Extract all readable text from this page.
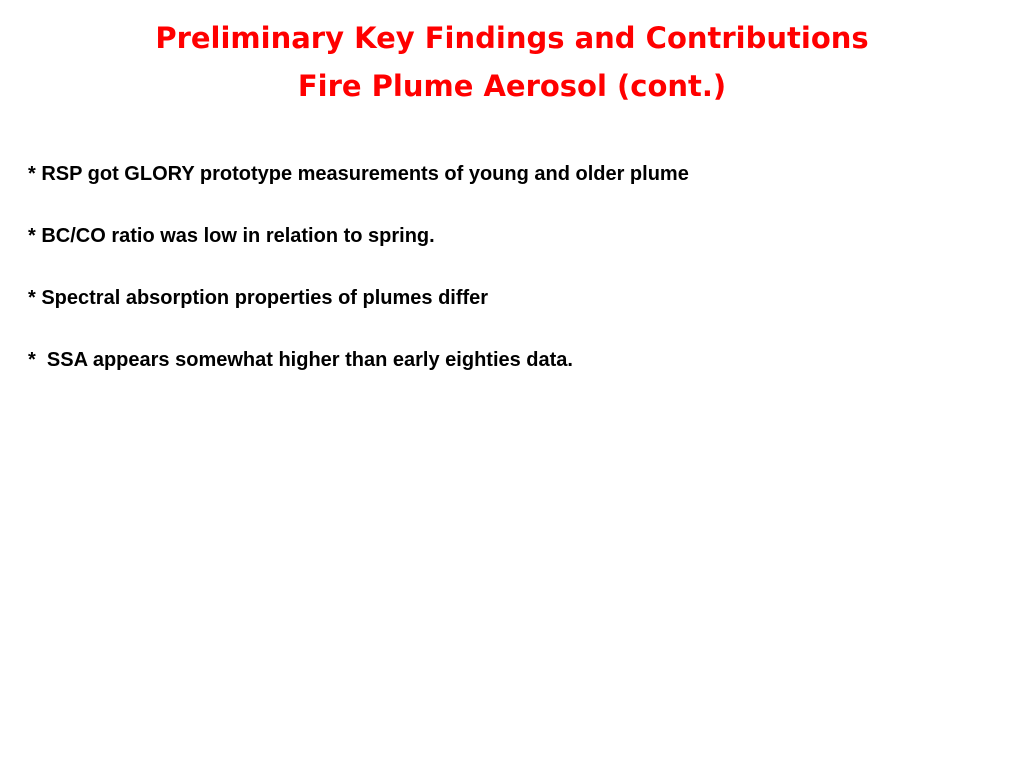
Preliminary Key Findings and Contributions
Fire Plume Aerosol (cont.)
* RSP got GLORY prototype measurements of young and older plume
* BC/CO ratio was low in relation to spring.
* Spectral absorption properties of plumes differ
*  SSA appears somewhat higher than early eighties data.
